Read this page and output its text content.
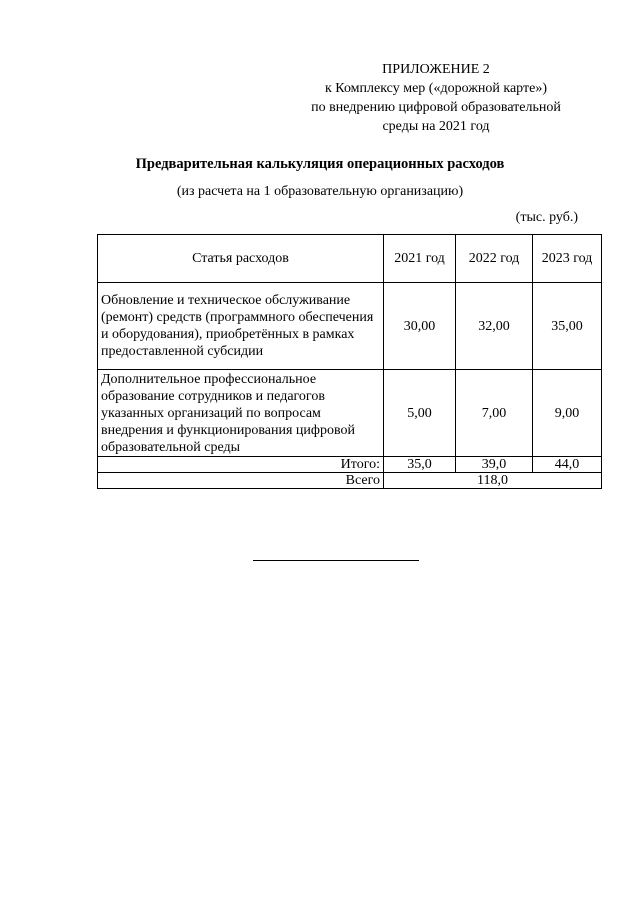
ПРИЛОЖЕНИЕ 2
к Комплексу мер («дорожной карте»)
по внедрению цифровой образовательной
среды на 2021 год
Предварительная калькуляция операционных расходов
(из расчета на 1 образовательную организацию)
(тыс. руб.)
Статья расходов	2021 год	2022 год	2023 год
Обновление и техническое обслуживание (ремонт) средств (программного обеспечения и оборудования), приобретённых в рамках предоставленной субсидии	30,00	32,00	35,00
Дополнительное профессиональное образование сотрудников и педагогов указанных организаций по вопросам внедрения и функционирования цифровой образовательной среды	5,00	7,00	9,00
Итого:	35,0	39,0	44,0
Всего	118,0		
